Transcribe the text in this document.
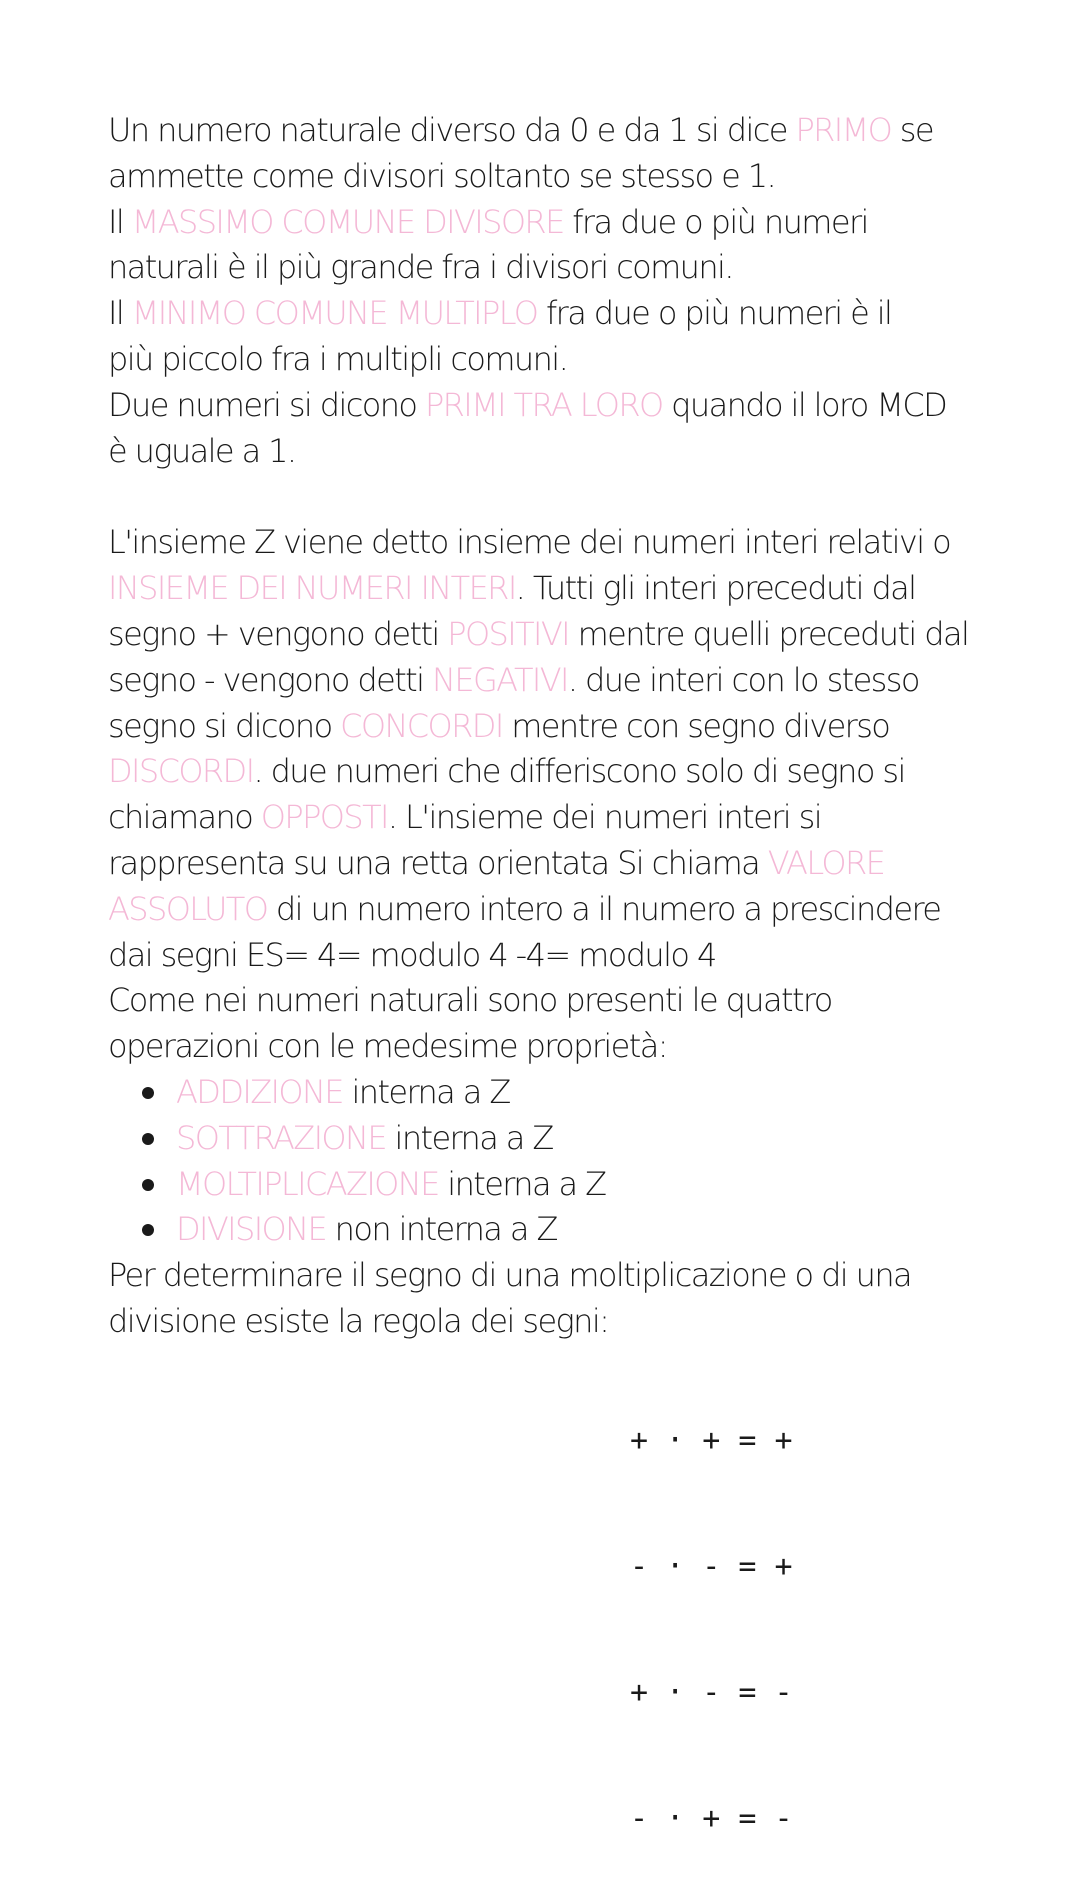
Un numero naturale diverso da 0 e da 1 si dice PRIMO se
ammette come divisori soltanto se stesso e 1.
Il MASSIMO COMUNE DIVISORE fra due o più numeri
naturali è il più grande fra i divisori comuni.
Il MINIMO COMUNE MULTIPLO fra due o più numeri è il
più piccolo fra i multipli comuni.
Due numeri si dicono PRIMI TRA LORO quando il loro MCD
è uguale a 1.
L'insieme Z viene detto insieme dei numeri interi relativi o
INSIEME DEI NUMERI INTERI. Tutti gli interi preceduti dal
segno + vengono detti POSITIVI mentre quelli preceduti dal
segno - vengono detti NEGATIVI. due interi con lo stesso
segno si dicono CONCORDI mentre con segno diverso
DISCORDI. due numeri che differiscono solo di segno si
chiamano OPPOSTI. L'insieme dei numeri interi si
rappresenta su una retta orientata Si chiama VALORE
ASSOLUTO di un numero intero a il numero a prescindere
dai segni ES= 4= modulo 4 -4= modulo 4
Come nei numeri naturali sono presenti le quattro
operazioni con le medesime proprietà:
ADDIZIONE interna a Z
SOTTRAZIONE interna a Z
MOLTIPLICAZIONE interna a Z
DIVISIONE non interna a Z
Per determinare il segno di una moltiplicazione o di una
divisione esiste la regola dei segni:

+ · + = +

- · - = +

+ · - = -

- · + = -
